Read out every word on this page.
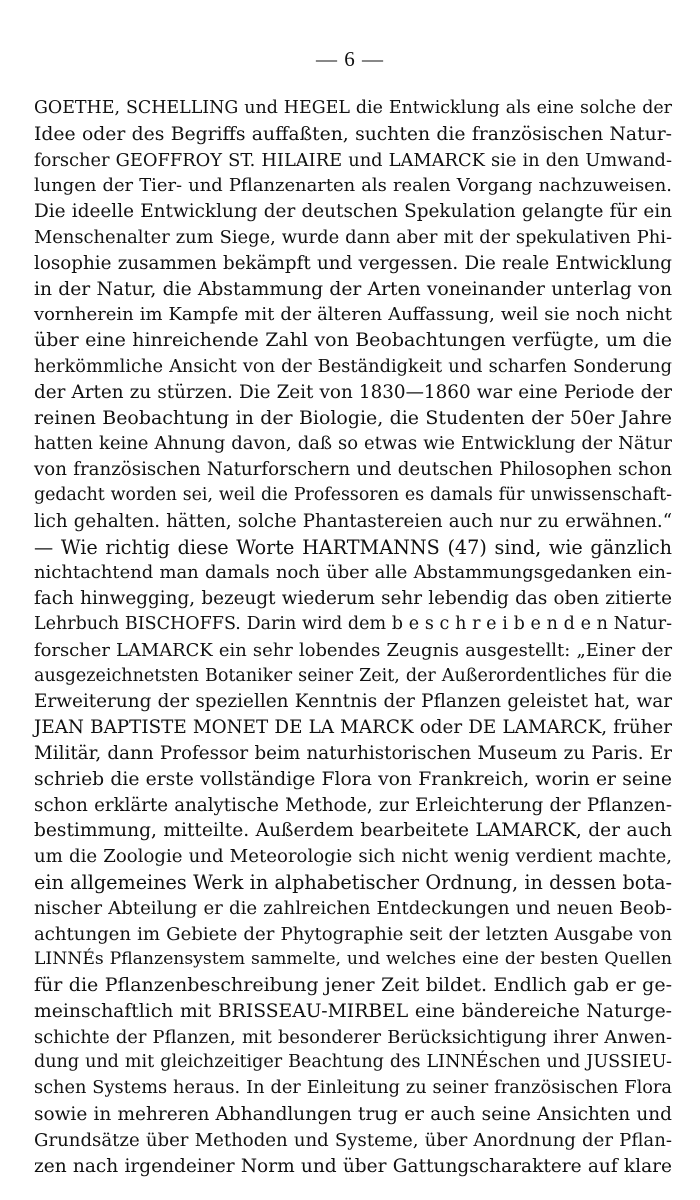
— 6 —
GOETHE, SCHELLING und HEGEL die Entwicklung als eine solche der
Idee oder des Begriffs auffaßten, suchten die französischen Natur-
forscher GEOFFROY ST. HILAIRE und LAMARCK sie in den Umwand-
lungen der Tier- und Pflanzenarten als realen Vorgang nachzuweisen.
Die ideelle Entwicklung der deutschen Spekulation gelangte für ein
Menschenalter zum Siege, wurde dann aber mit der spekulativen Phi-
losophie zusammen bekämpft und vergessen. Die reale Entwicklung
in der Natur, die Abstammung der Arten voneinander unterlag von
vornherein im Kampfe mit der älteren Auffassung, weil sie noch nicht
über eine hinreichende Zahl von Beobachtungen verfügte, um die
herkömmliche Ansicht von der Beständigkeit und scharfen Sonderung
der Arten zu stürzen. Die Zeit von 1830—1860 war eine Periode der
reinen Beobachtung in der Biologie, die Studenten der 50er Jahre
hatten keine Ahnung davon, daß so etwas wie Entwicklung der Nätur
von französischen Naturforschern und deutschen Philosophen schon
gedacht worden sei, weil die Professoren es damals für unwissenschaft-
lich gehalten. hätten, solche Phantastereien auch nur zu erwähnen.“
— Wie richtig diese Worte HARTMANNS (47) sind, wie gänzlich
nichtachtend man damals noch über alle Abstammungsgedanken ein-
fach hinwegging, bezeugt wiederum sehr lebendig das oben zitierte
Lehrbuch BISCHOFFS. Darin wird dem b e s c h r e i b e n d e n Natur-
forscher LAMARCK ein sehr lobendes Zeugnis ausgestellt: „Einer der
ausgezeichnetsten Botaniker seiner Zeit, der Außerordentliches für die
Erweiterung der speziellen Kenntnis der Pflanzen geleistet hat, war
JEAN BAPTISTE MONET DE LA MARCK oder DE LAMARCK, früher
Militär, dann Professor beim naturhistorischen Museum zu Paris. Er
schrieb die erste vollständige Flora von Frankreich, worin er seine
schon erklärte analytische Methode, zur Erleichterung der Pflanzen-
bestimmung, mitteilte. Außerdem bearbeitete LAMARCK, der auch
um die Zoologie und Meteorologie sich nicht wenig verdient machte,
ein allgemeines Werk in alphabetischer Ordnung, in dessen bota-
nischer Abteilung er die zahlreichen Entdeckungen und neuen Beob-
achtungen im Gebiete der Phytographie seit der letzten Ausgabe von
LINNÉs Pflanzensystem sammelte, und welches eine der besten Quellen
für die Pflanzenbeschreibung jener Zeit bildet. Endlich gab er ge-
meinschaftlich mit BRISSEAU-MIRBEL eine bändereiche Naturge-
schichte der Pflanzen, mit besonderer Berücksichtigung ihrer Anwen-
dung und mit gleichzeitiger Beachtung des LINNÉschen und JUSSIEU-
schen Systems heraus. In der Einleitung zu seiner französischen Flora
sowie in mehreren Abhandlungen trug er auch seine Ansichten und
Grundsätze über Methoden und Systeme, über Anordnung der Pflan-
zen nach irgendeiner Norm und über Gattungscharaktere auf klare
